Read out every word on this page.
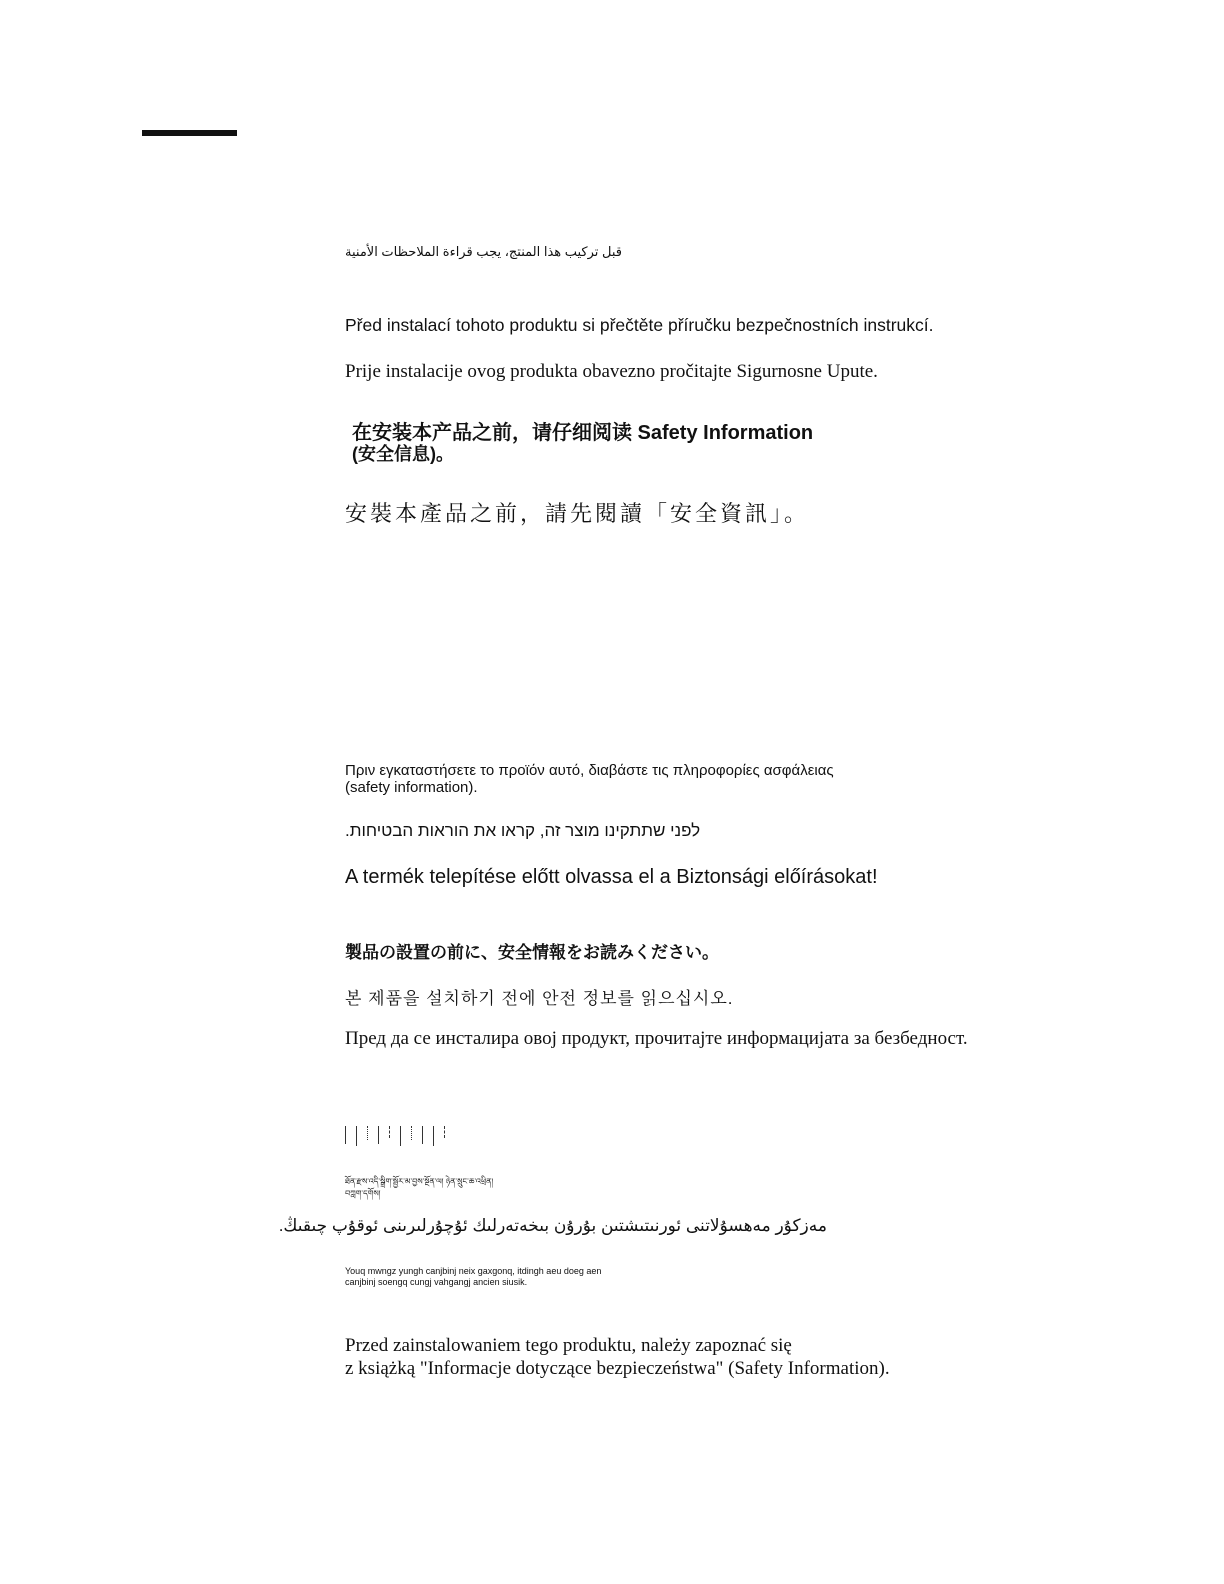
قبل تركيب هذا المنتج، يجب قراءة الملاحظات الأمنية

Před instalací tohoto produktu si přečtěte příručku bezpečnostních instrukcí.

Prije instalacije ovog produkta obavezno pročitajte Sigurnosne Upute.

在安装本产品之前，请仔细阅读 Safety Information

(安全信息)。

安裝本產品之前，請先閱讀「安全資訊」。

Πριν εγκαταστήσετε το προϊόν αυτό, διαβάστε τις πληροφορίες ασφάλειας

(safety information).

לפני שתתקינו מוצר זה, קראו את הוראות הבטיחות.

A termék telepítése előtt olvassa el a Biztonsági előírásokat!

製品の設置の前に、安全情報をお読みください。

본 제품을 설치하기 전에 안전 정보를 읽으십시오.

Пред да се инсталира овој продукт, прочитајте информацијата за безбедност.

ཐོན་རྫས་འདི་སྒྲིག་སྦྱོར་མ་བྱས་སྔོན་ལ། ཉེན་སྲུང་ཆ་འཕྲིན།

བཀླག་དགོས།

مەزكۇر مەھسۇلاتنى ئورنىتىشتىن بۇرۇن بىخەتەرلىك ئۇچۇرلىرىنى ئوقۇپ چىقىڭ.

Youq mwngz yungh canjbinj neix gaxgonq, itdingh aeu doeg aen

canjbinj soengq cungj vahgangj ancien siusik.

Przed zainstalowaniem tego produktu, należy zapoznać się

z książką "Informacje dotyczące bezpieczeństwa" (Safety Information).
